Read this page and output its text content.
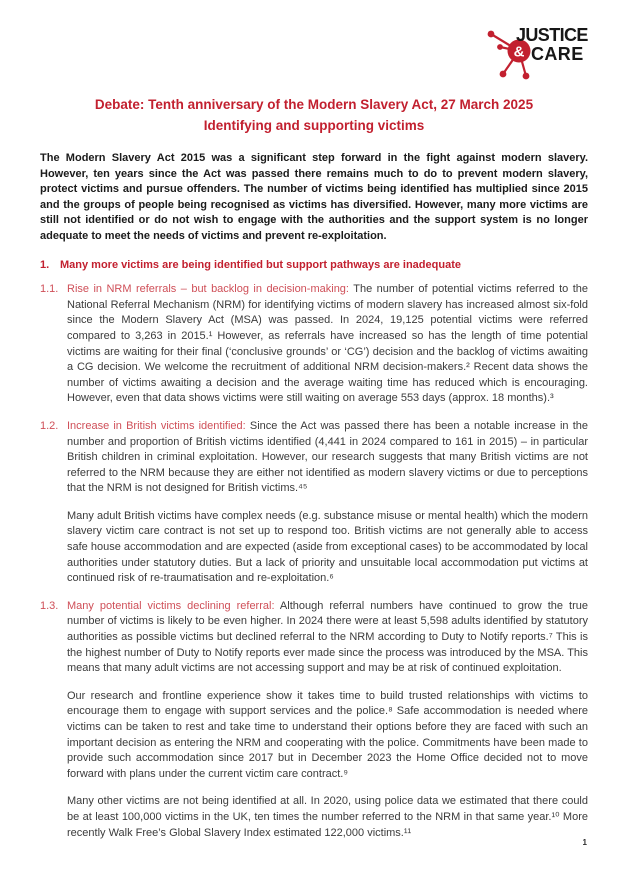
&
JUSTICE
CARE
Debate: Tenth anniversary of the Modern Slavery Act, 27 March 2025
Identifying and supporting victims

The Modern Slavery Act 2015 was a significant step forward in the fight against modern slavery. However, ten years since the Act was passed there remains much to do to prevent modern slavery, protect victims and pursue offenders. The number of victims being identified has multiplied since 2015 and the groups of people being recognised as victims has diversified. However, many more victims are still not identified or do not wish to engage with the authorities and the support system is no longer adequate to meet the needs of victims and prevent re-exploitation.

1. Many more victims are being identified but support pathways are inadequate
1.1. Rise in NRM referrals – but backlog in decision-making: The number of potential victims referred to the National Referral Mechanism (NRM) for identifying victims of modern slavery has increased almost six-fold since the Modern Slavery Act (MSA) was passed. In 2024, 19,125 potential victims were referred compared to 3,263 in 2015.¹ However, as referrals have increased so has the length of time potential victims are waiting for their final (‘conclusive grounds’ or ‘CG’) decision and the backlog of victims awaiting a CG decision. We welcome the recruitment of additional NRM decision-makers.² Recent data shows the number of victims awaiting a decision and the average waiting time has reduced which is encouraging. However, even that data shows victims were still waiting on average 553 days (approx. 18 months).³

1.2. Increase in British victims identified: Since the Act was passed there has been a notable increase in the number and proportion of British victims identified (4,441 in 2024 compared to 161 in 2015) – in particular British children in criminal exploitation. However, our research suggests that many British victims are not referred to the NRM because they are either not identified as modern slavery victims or due to perceptions that the NRM is not designed for British victims.⁴⁵

Many adult British victims have complex needs (e.g. substance misuse or mental health) which the modern slavery victim care contract is not set up to respond too. British victims are not generally able to access safe house accommodation and are expected (aside from exceptional cases) to be accommodated by local authorities under statutory duties. But a lack of priority and unsuitable local accommodation put victims at continued risk of re-traumatisation and re-exploitation.⁶

1.3. Many potential victims declining referral: Although referral numbers have continued to grow the true number of victims is likely to be even higher. In 2024 there were at least 5,598 adults identified by statutory authorities as possible victims but declined referral to the NRM according to Duty to Notify reports.⁷ This is the highest number of Duty to Notify reports ever made since the process was introduced by the MSA. This means that many adult victims are not accessing support and may be at risk of continued exploitation.

Our research and frontline experience show it takes time to build trusted relationships with victims to encourage them to engage with support services and the police.⁸ Safe accommodation is needed where victims can be taken to rest and take time to understand their options before they are faced with such an important decision as entering the NRM and cooperating with the police. Commitments have been made to provide such accommodation since 2017 but in December 2023 the Home Office decided not to move forward with plans under the current victim care contract.⁹

Many other victims are not being identified at all. In 2020, using police data we estimated that there could be at least 100,000 victims in the UK, ten times the number referred to the NRM in that same year.¹⁰ More recently Walk Free’s Global Slavery Index estimated 122,000 victims.¹¹

1
